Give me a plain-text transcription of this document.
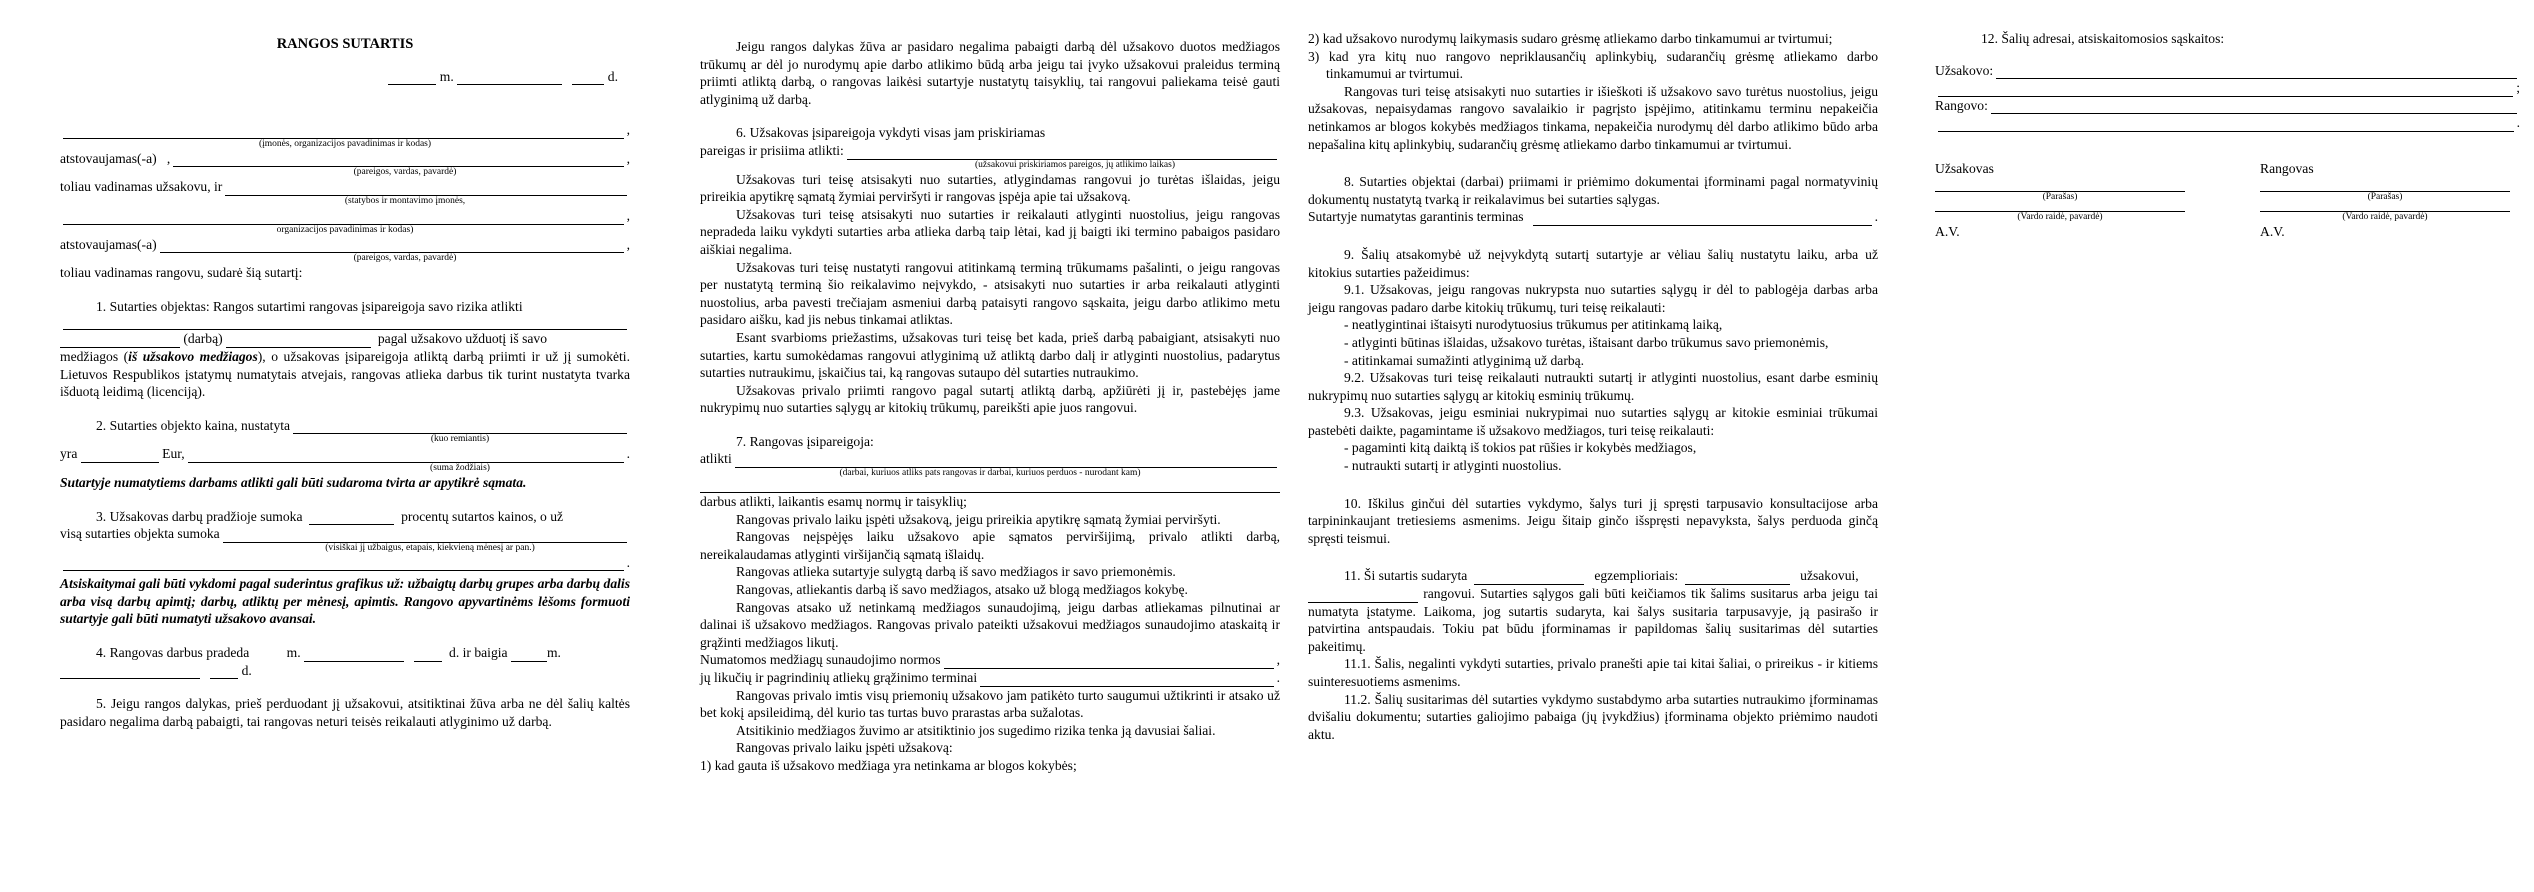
RANGOS SUTARTIS

m.

	d.
,
(įmonės, organizacijos pavadinimas ir kodas)
atstovaujamas(-a)
,	,
(pareigos, vardas, pavardė)
toliau vadinamas užsakovu, ir
(statybos ir montavimo įmonės,
,
organizacijos pavadinimas ir kodas)
atstovaujamas(-a)	,
(pareigos, vardas, pavardė)

toliau vadinamas rangovu, sudarė šią sutartį:

1. Sutarties objektas: Rangos sutartimi rangovas įsipareigoja savo rizika atlikti

(darbą)

	pagal užsakovo užduotį iš savo

medžiagos (iš užsakovo medžiagos), o užsakovas įsipareigoja atliktą darbą priimti ir už jį sumokėti. Lietuvos Respublikos įstatymų numatytais atvejais, rangovas atlieka darbus tik turint nustatyta tvarka išduotą leidimą (licenciją).

2. Sutarties objekto kaina, nustatyta
(kuo remiantis)
yra

	Eur,	.
(suma žodžiais)

Sutartyje numatytiems darbams atlikti gali būti sudaroma tvirta ar apytikrė sąmata.

3. Užsakovas darbų pradžioje sumoka

	procentų sutartos kainos, o už
visą sutarties objekta sumoka
(visiškai jį užbaigus, etapais, kiekvieną mėnesį ar pan.)
.

Atsiskaitymai gali būti vykdomi pagal suderintus grafikus už: užbaigtų darbų grupes arba darbų dalis arba visą darbų apimtį; darbų, atliktų per mėnesį, apimtis. Rangovo apyvartinėms lėšoms formuoti sutartyje gali būti numatyti užsakovo avansai.

4. Rangovas darbus pradeda
	m.

	d. ir baigia
	m.

d.

5. Jeigu rangos dalykas, prieš perduodant jį užsakovui, atsitiktinai žūva arba ne dėl šalių kaltės pasidaro negalima darbą pabaigti, tai rangovas neturi teisės reikalauti atlyginimo už darbą.

Jeigu rangos dalykas žūva ar pasidaro negalima pabaigti darbą dėl užsakovo duotos medžiagos trūkumų ar dėl jo nurodymų apie darbo atlikimo būdą arba jeigu tai įvyko užsakovui praleidus terminą priimti atliktą darbą, o rangovas laikėsi sutartyje nustatytų taisyklių, tai rangovui paliekama teisė gauti atlyginimą už darbą.

6. Užsakovas įsipareigoja vykdyti visas jam priskiriamas

pareigas ir prisiima atlikti:
(užsakovui priskiriamos pareigos, jų atlikimo laikas)

Užsakovas turi teisę atsisakyti nuo sutarties, atlygindamas rangovui jo turėtas išlaidas, jeigu prireikia apytikrę sąmatą žymiai perviršyti ir rangovas įspėja apie tai užsakovą.

Užsakovas turi teisę atsisakyti nuo sutarties ir reikalauti atlyginti nuostolius, jeigu rangovas nepradeda laiku vykdyti sutarties arba atlieka darbą taip lėtai, kad jį baigti iki termino pabaigos pasidaro aiškiai negalima.

Užsakovas turi teisę nustatyti rangovui atitinkamą terminą trūkumams pašalinti, o jeigu rangovas per nustatytą terminą šio reikalavimo neįvykdo, - atsisakyti nuo sutarties ir arba reikalauti atlyginti nuostolius, arba pavesti trečiajam asmeniui darbą pataisyti rangovo sąskaita, jeigu darbo atlikimo metu pasidaro aišku, kad jis nebus tinkamai atliktas.

Esant svarbioms priežastims, užsakovas turi teisę bet kada, prieš darbą pabaigiant, atsisakyti nuo sutarties, kartu sumokėdamas rangovui atlyginimą už atliktą darbo dalį ir atlyginti nuostolius, padarytus sutarties nutraukimu, įskaičius tai, ką rangovas sutaupo dėl sutarties nutraukimo.

Užsakovas privalo priimti rangovo pagal sutartį atliktą darbą, apžiūrėti jį ir, pastebėjęs jame nukrypimų nuo sutarties sąlygų ar kitokių trūkumų, pareikšti apie juos rangovui.

7. Rangovas įsipareigoja:

atlikti
(darbai, kuriuos atliks pats rangovas ir darbai, kuriuos perduos - nurodant kam)

darbus atlikti, laikantis esamų normų ir taisyklių;

Rangovas privalo laiku įspėti užsakovą, jeigu prireikia apytikrę sąmatą žymiai perviršyti.

Rangovas neįspėjęs laiku užsakovo apie sąmatos perviršijimą, privalo atlikti darbą, nereikalaudamas atlyginti viršijančią sąmatą išlaidų.

Rangovas atlieka sutartyje sulygtą darbą iš savo medžiagos ir savo priemonėmis.

Rangovas, atliekantis darbą iš savo medžiagos, atsako už blogą medžiagos kokybę.

Rangovas atsako už netinkamą medžiagos sunaudojimą, jeigu darbas atliekamas pilnutinai ar dalinai iš užsakovo medžiagos. Rangovas privalo pateikti užsakovui medžiagos sunaudojimo ataskaitą ir grąžinti medžiagos likutį.

Numatomos medžiagų sunaudojimo normos	,
jų likučių ir pagrindinių atliekų grąžinimo terminai	.

Rangovas privalo imtis visų priemonių užsakovo jam patikėto turto saugumui užtikrinti ir atsako už bet kokį apsileidimą, dėl kurio tas turtas buvo prarastas arba sužalotas.

Atsitikinio medžiagos žuvimo ar atsitiktinio jos sugedimo rizika tenka ją davusiai šaliai.

Rangovas privalo laiku įspėti užsakovą:

1) kad gauta iš užsakovo medžiaga yra netinkama ar blogos kokybės;

2) kad užsakovo nurodymų laikymasis sudaro grėsmę atliekamo darbo tinkamumui ar tvirtumui;

3) kad yra kitų nuo rangovo nepriklausančių aplinkybių, sudarančių grėsmę atliekamo darbo tinkamumui ar tvirtumui.

Rangovas turi teisę atsisakyti nuo sutarties ir išieškoti iš užsakovo savo turėtus nuostolius, jeigu užsakovas, nepaisydamas rangovo savalaikio ir pagrįsto įspėjimo, atitinkamu terminu nepakeičia netinkamos ar blogos kokybės medžiagos tinkama, nepakeičia nurodymų dėl darbo atlikimo būdo arba nepašalina kitų aplinkybių, sudarančių grėsmę atliekamo darbo tinkamumui ar tvirtumui.

8. Sutarties objektai (darbai) priimami ir priėmimo dokumentai įforminami pagal normatyvinių dokumentų nustatytą tvarką ir reikalavimus bei sutarties sąlygas.

Sutartyje numatytas garantinis terminas
	.

9. Šalių atsakomybė už neįvykdytą sutartį sutartyje ar vėliau šalių nustatytu laiku, arba už kitokius sutarties pažeidimus:

9.1. Užsakovas, jeigu rangovas nukrypsta nuo sutarties sąlygų ir dėl to pablogėja darbas arba jeigu rangovas padaro darbe kitokių trūkumų, turi teisę reikalauti:

- neatlygintinai ištaisyti nurodytuosius trūkumus per atitinkamą laiką,

- atlyginti būtinas išlaidas, užsakovo turėtas, ištaisant darbo trūkumus savo priemonėmis,

- atitinkamai sumažinti atlyginimą už darbą.

9.2. Užsakovas turi teisę reikalauti nutraukti sutartį ir atlyginti nuostolius, esant darbe esminių nukrypimų nuo sutarties sąlygų ar kitokių esminių trūkumų.

9.3. Užsakovas, jeigu esminiai nukrypimai nuo sutarties sąlygų ar kitokie esminiai trūkumai pastebėti daikte, pagamintame iš užsakovo medžiagos, turi teisę reikalauti:

- pagaminti kitą daiktą iš tokios pat rūšies ir kokybės medžiagos,

- nutraukti sutartį ir atlyginti nuostolius.

10. Iškilus ginčui dėl sutarties vykdymo, šalys turi jį spręsti tarpusavio konsultacijose arba tarpininkaujant tretiesiems asmenims. Jeigu šitaip ginčo išspręsti nepavyksta, šalys perduoda ginčą spręsti teismui.

11. Ši sutartis sudaryta

	egzemplioriais:

	užsakovui,

rangovui. Sutarties sąlygos gali būti keičiamos tik šalims susitarus arba jeigu tai numatyta įstatyme. Laikoma, jog sutartis sudaryta, kai šalys susitaria tarpusavyje, ją pasirašo ir patvirtina antspaudais. Tokiu pat būdu įforminamas ir papildomas šalių susitarimas dėl sutarties pakeitimų.

11.1. Šalis, negalinti vykdyti sutarties, privalo pranešti apie tai kitai šaliai, o prireikus - ir kitiems suinteresuotiems asmenims.

11.2. Šalių susitarimas dėl sutarties vykdymo sustabdymo arba sutarties nutraukimo įforminamas dvišaliu dokumentu; sutarties galiojimo pabaiga (jų įvykdžius) įforminama objekto priėmimo naudoti aktu.

12. Šalių adresai, atsiskaitomosios sąskaitos:

Užsakovo:
;
Rangovo:
.
Užsakovas
(Parašas)
(Vardo raidė, pavardė)
A.V.
Rangovas
(Parašas)
(Vardo raidė, pavardė)
A.V.
